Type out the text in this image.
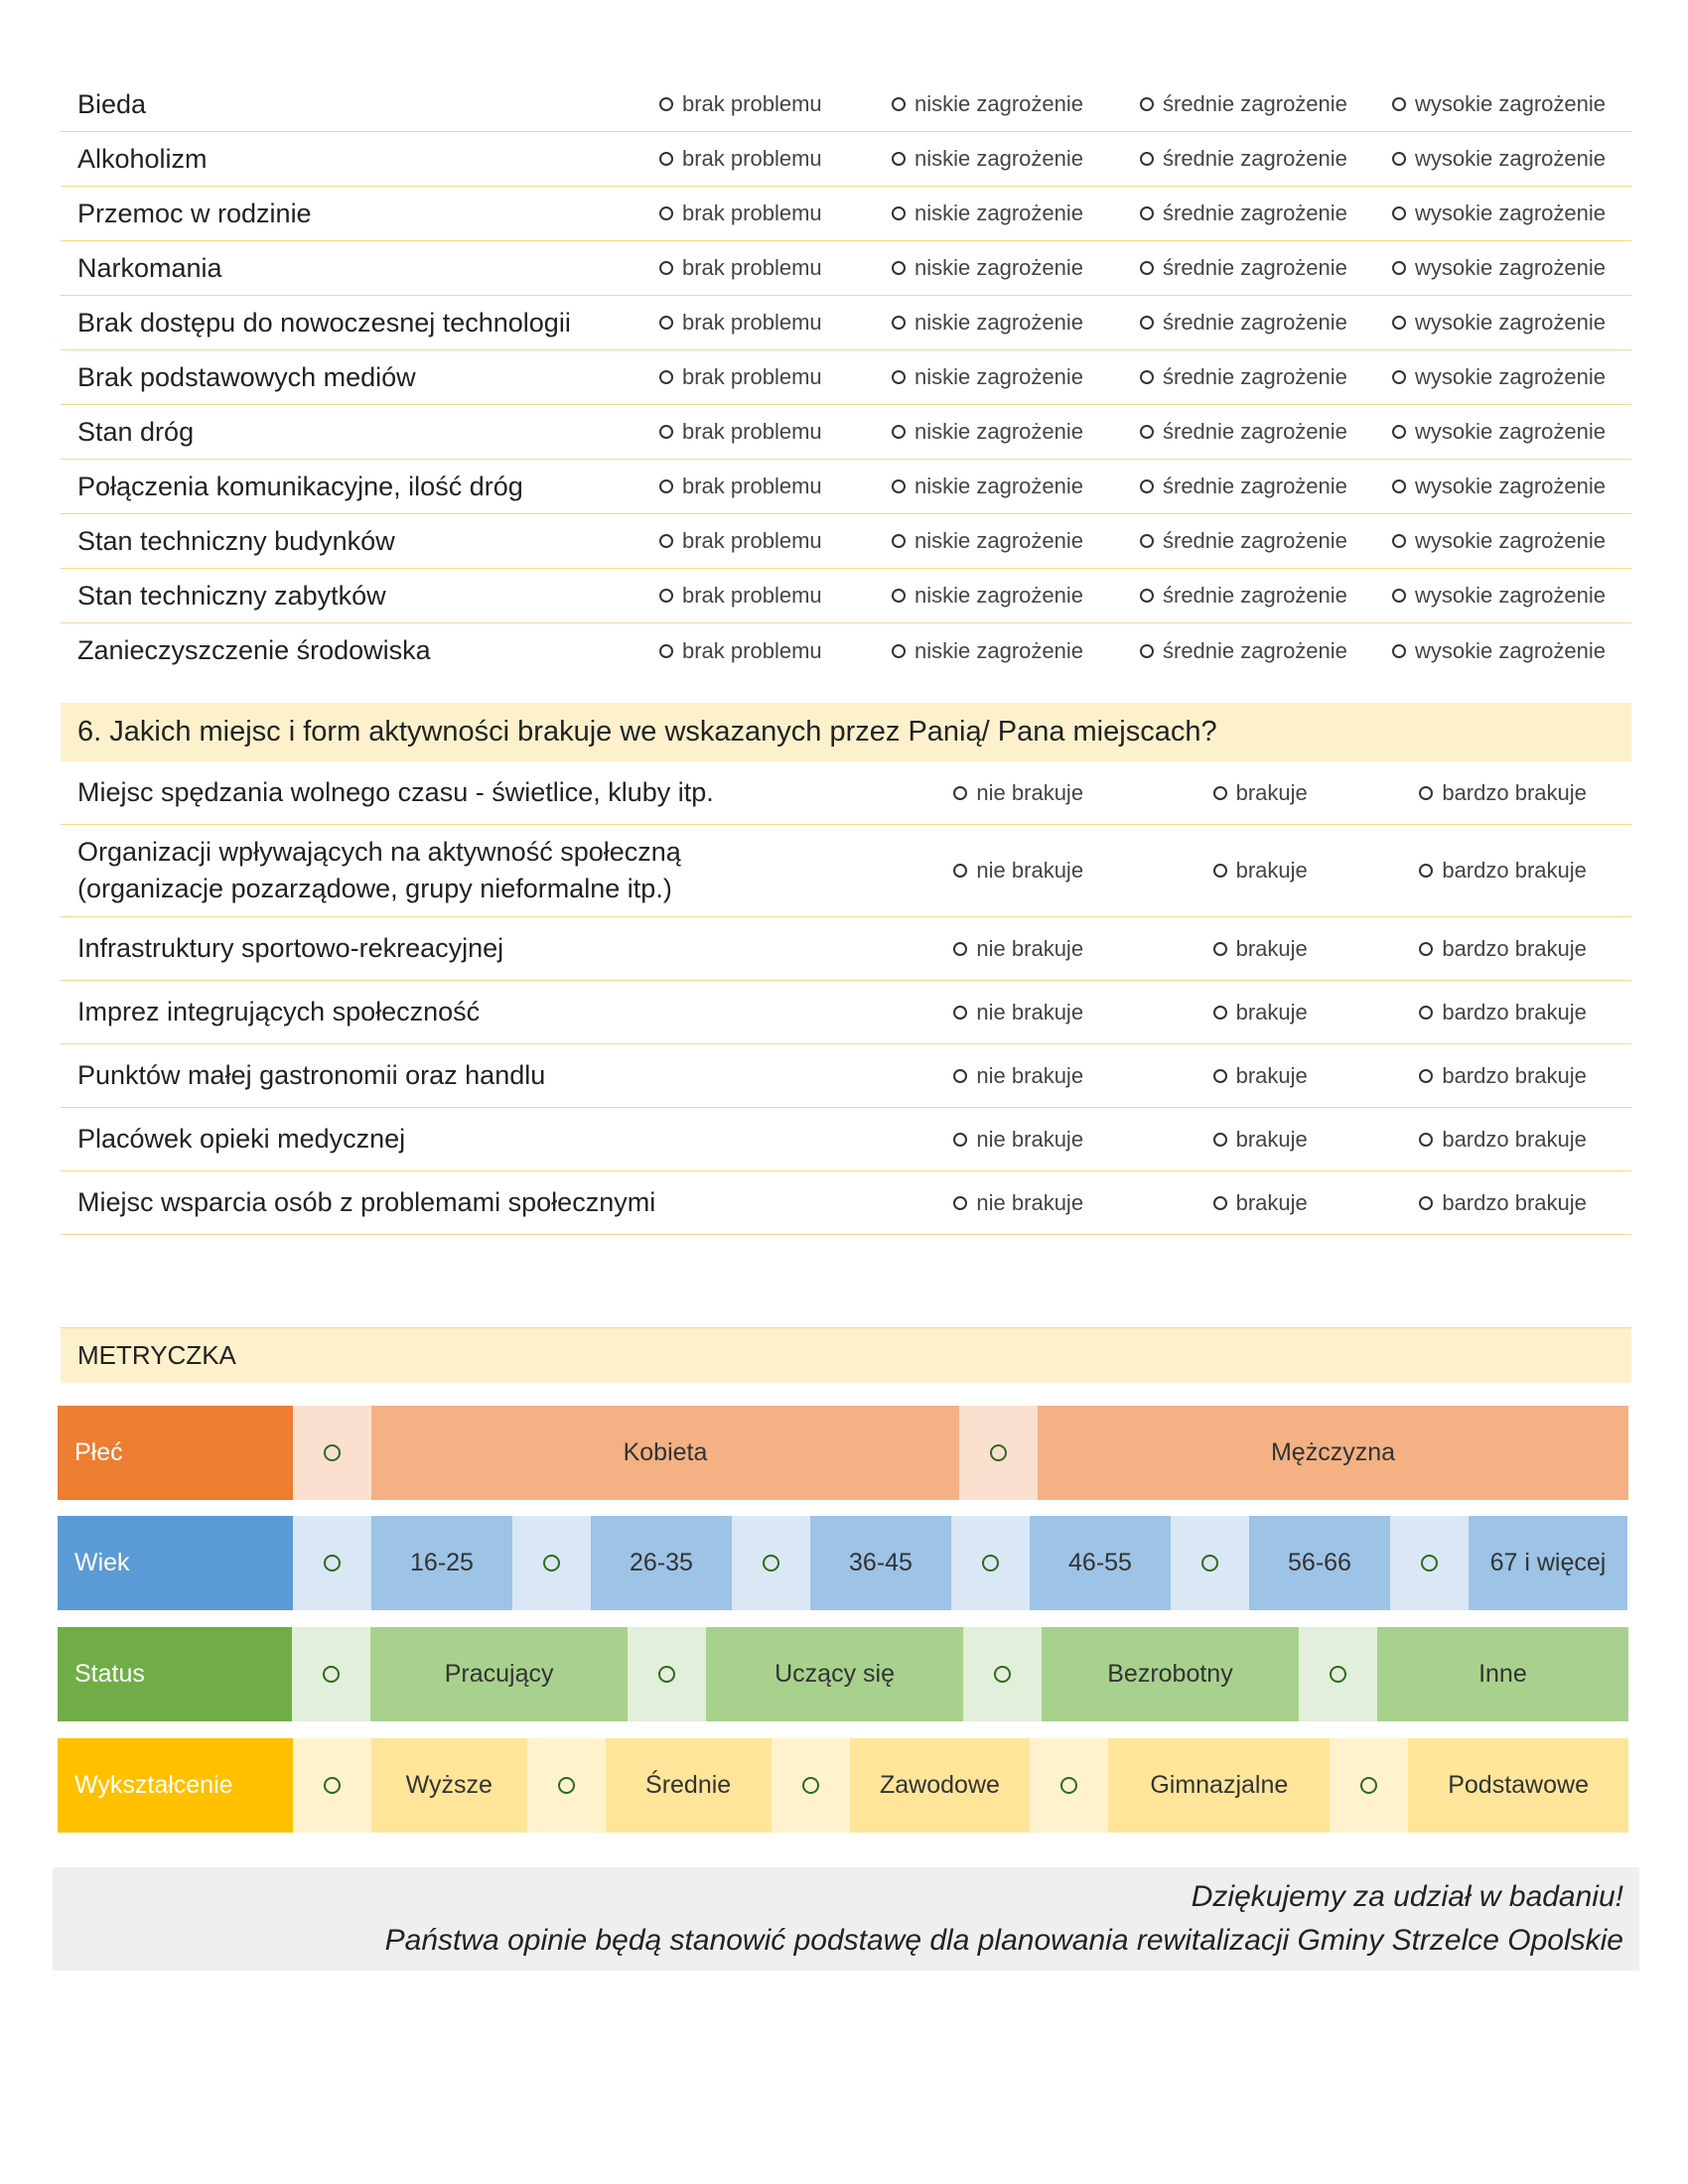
Bieda	brak problemu	niskie zagrożenie	średnie zagrożenie	wysokie zagrożenie
Alkoholizm	brak problemu	niskie zagrożenie	średnie zagrożenie	wysokie zagrożenie
Przemoc w rodzinie	brak problemu	niskie zagrożenie	średnie zagrożenie	wysokie zagrożenie
Narkomania	brak problemu	niskie zagrożenie	średnie zagrożenie	wysokie zagrożenie
Brak dostępu do nowoczesnej technologii	brak problemu	niskie zagrożenie	średnie zagrożenie	wysokie zagrożenie
Brak podstawowych mediów	brak problemu	niskie zagrożenie	średnie zagrożenie	wysokie zagrożenie
Stan dróg	brak problemu	niskie zagrożenie	średnie zagrożenie	wysokie zagrożenie
Połączenia komunikacyjne, ilość dróg	brak problemu	niskie zagrożenie	średnie zagrożenie	wysokie zagrożenie
Stan techniczny budynków	brak problemu	niskie zagrożenie	średnie zagrożenie	wysokie zagrożenie
Stan techniczny zabytków	brak problemu	niskie zagrożenie	średnie zagrożenie	wysokie zagrożenie
Zanieczyszczenie środowiska	brak problemu	niskie zagrożenie	średnie zagrożenie	wysokie zagrożenie
6. Jakich miejsc i form aktywności brakuje we wskazanych przez Panią/ Pana miejscach?
Miejsc spędzania wolnego czasu - świetlice, kluby itp.	nie brakuje	brakuje	bardzo brakuje
Organizacji wpływających na aktywność społeczną
(organizacje pozarządowe, grupy nieformalne itp.)
nie brakuje	brakuje	bardzo brakuje
Infrastruktury sportowo-rekreacyjnej	nie brakuje	brakuje	bardzo brakuje
Imprez integrujących społeczność	nie brakuje	brakuje	bardzo brakuje
Punktów małej gastronomii oraz handlu	nie brakuje	brakuje	bardzo brakuje
Placówek opieki medycznej	nie brakuje	brakuje	bardzo brakuje
Miejsc wsparcia osób z problemami społecznymi	nie brakuje	brakuje	bardzo brakuje
METRYCZKA
Płeć	Kobieta	Mężczyzna
Wiek	16-25	26-35	36-45	46-55	56-66	67 i więcej
Status	Pracujący	Uczący się	Bezrobotny	Inne
Wykształcenie	Wyższe	Średnie	Zawodowe	Gimnazjalne	Podstawowe
Dziękujemy za udział w badaniu!
Państwa opinie będą stanowić podstawę dla planowania rewitalizacji Gminy Strzelce Opolskie
